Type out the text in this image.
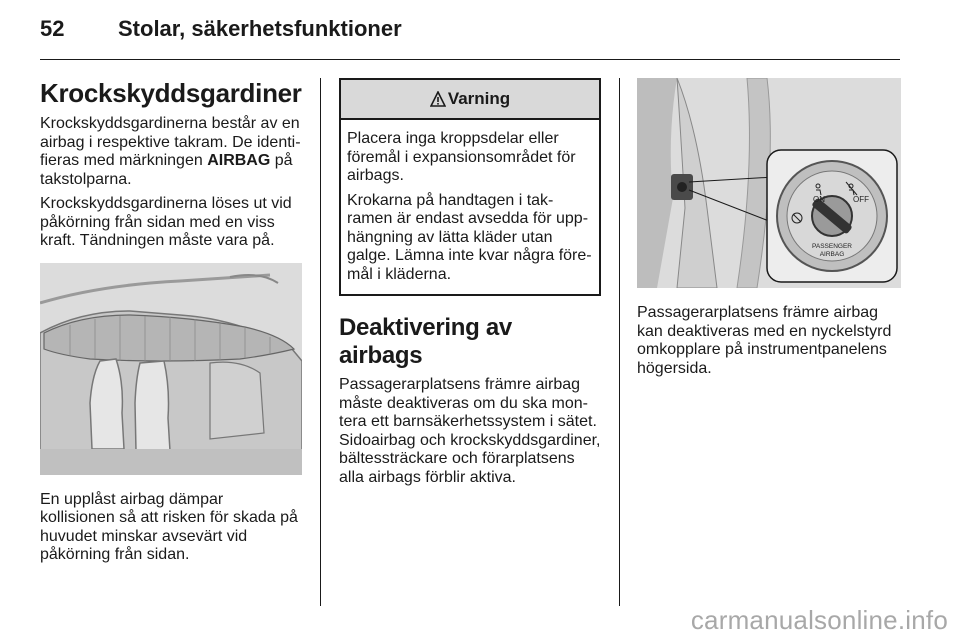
52 Stolar, säkerhetsfunktioner
Krockskyddsgardiner

Krockskyddsgardinerna består av en airbag i respektive takram. De identi-fieras med märkningen AIRBAG på takstolparna.

Krockskyddsgardinerna löses ut vid påkörning från sidan med en viss kraft. Tändningen måste vara på.

En upplåst airbag dämpar kollisionen så att risken för skada på huvudet minskar avsevärt vid påkörning från sidan.

Varning

Placera inga kroppsdelar eller föremål i expansionsområdet för airbags.

Krokarna på handtagen i tak-ramen är endast avsedda för upp-hängning av lätta kläder utan galge. Lämna inte kvar några före-mål i kläderna.

Deaktivering av airbags

Passagerarplatsens främre airbag måste deaktiveras om du ska mon-tera ett barnsäkerhetssystem i sätet. Sidoairbag och krockskyddsgardiner, bältessträckare och förarplatsens alla airbags förblir aktiva.

ON	OFF
PASSENGER
AIRBAG

Passagerarplatsens främre airbag kan deaktiveras med en nyckelstyrd omkopplare på instrumentpanelens högersida.

carmanualsonline.info
